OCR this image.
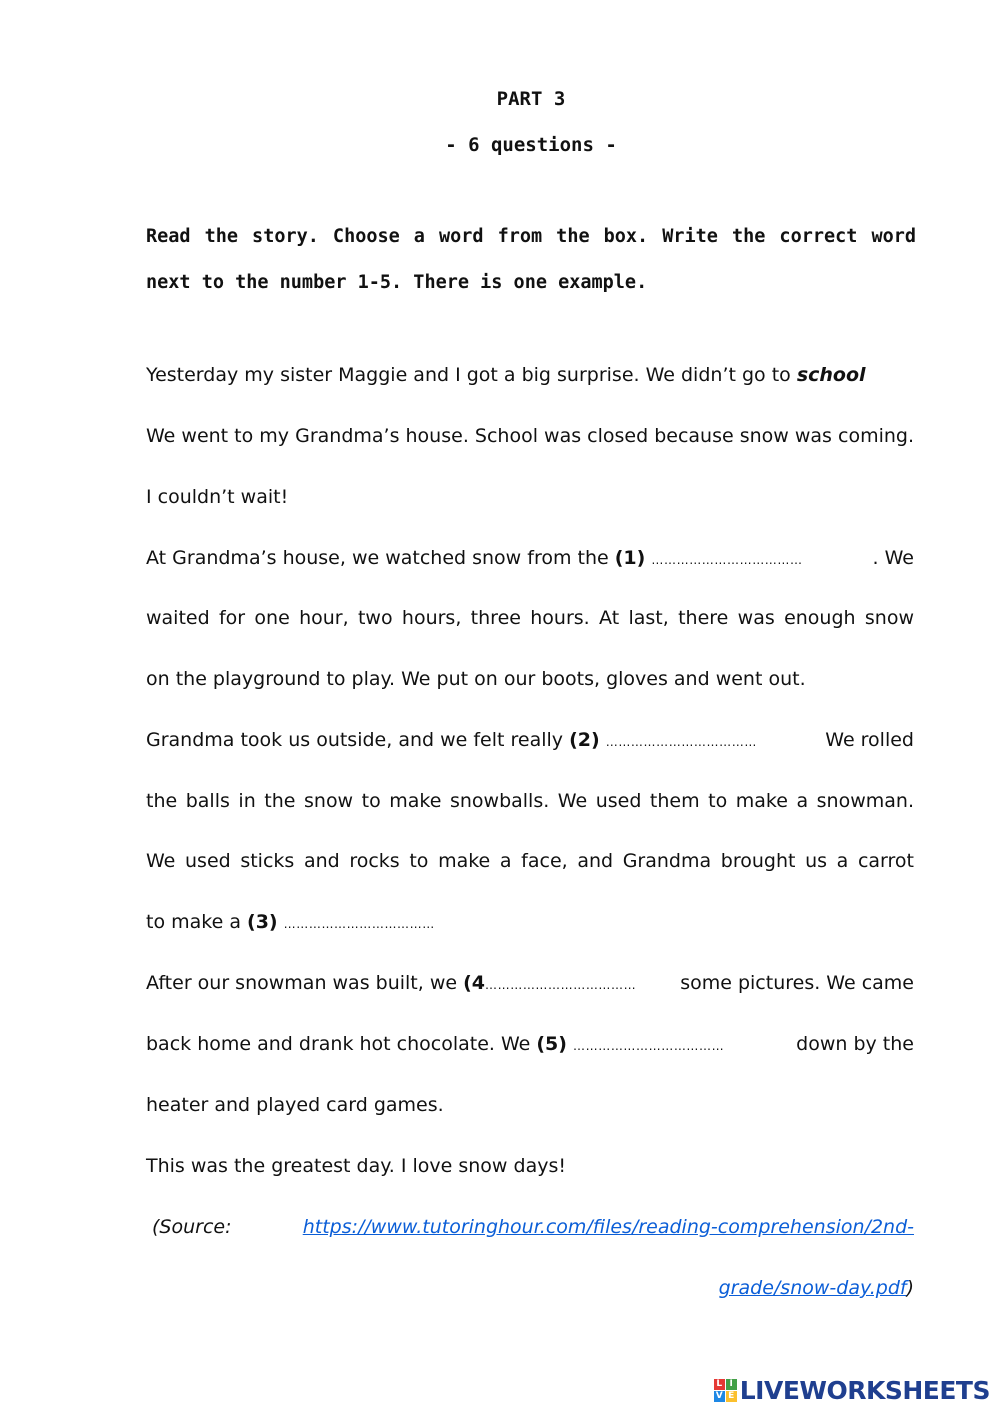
PART 3
- 6 questions -
Read the story. Choose a word from the box. Write the correct word
next to the number 1-5. There is one example.
Yesterday my sister Maggie and I got a big surprise. We didn’t go to school
We went to my Grandma’s house. School was closed because snow was coming.
I couldn’t wait!
At Grandma’s house, we watched snow from the (1) ………………………………	. We
waited for one hour, two hours, three hours. At last, there was enough snow
on the playground to play. We put on our boots, gloves and went out.
Grandma took us outside, and we felt really (2) ………………………………	We rolled
the balls in the snow to make snowballs. We used them to make a snowman.
We used sticks and rocks to make a face, and Grandma brought us a carrot
to make a (3) ………………………………
After our snowman was built, we (4……………………………… some pictures. We came
back home and drank hot chocolate. We (5) ………………………………	down by the
heater and played card games.
This was the greatest day. I love snow days!
(Source: https://www.tutoringhour.com/files/reading-comprehension/2nd-
grade/snow-day.pdf)
L I
V E LIVEWORKSHEETS
